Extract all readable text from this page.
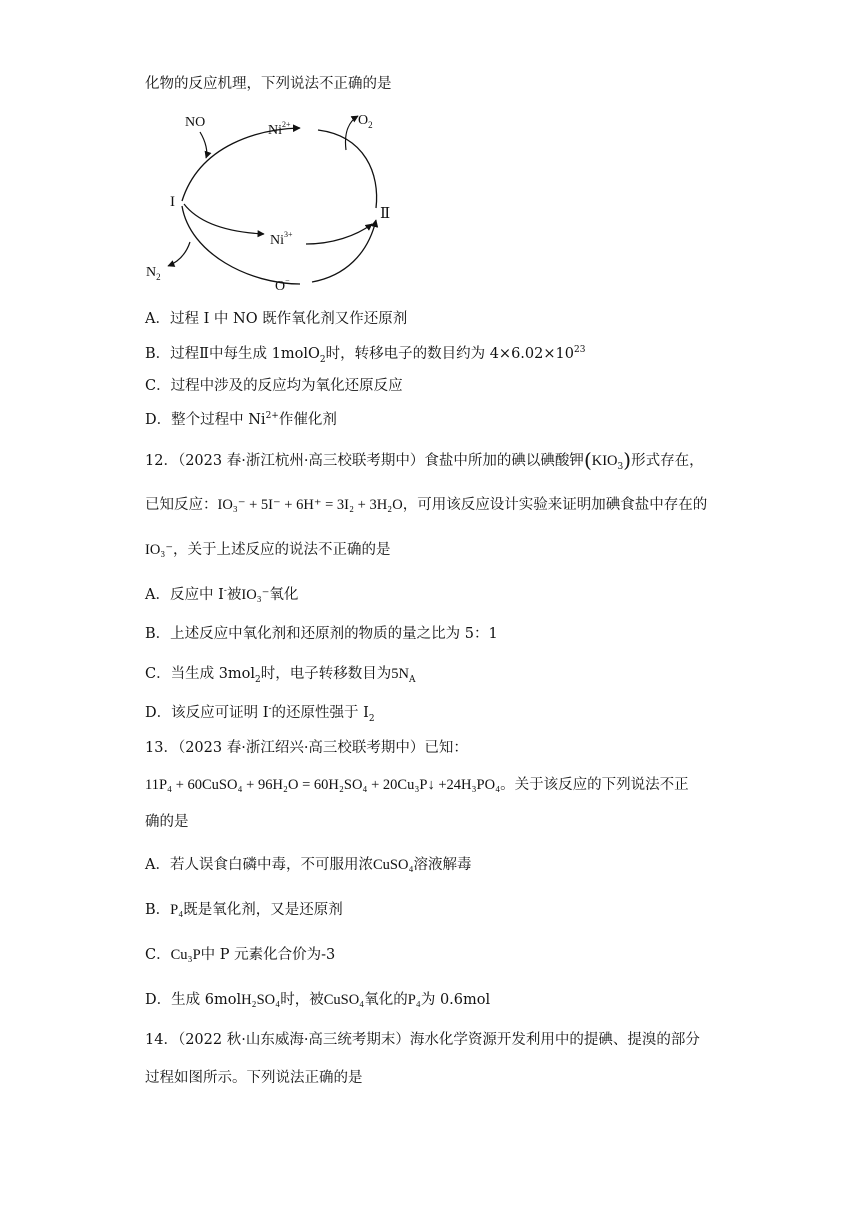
化物的反应机理，下列说法不正确的是
NO
$Ni^{2+}$	$O_2$
I
Ⅱ
$Ni^{3+}$
$N_2$
O−
A．过程 I 中 NO 既作氧化剂又作还原剂
B．过程Ⅱ中每生成 1molO$_2$时，转移电子的数目约为 $4\times 6.02\times 10^{23}$
C．过程中涉及的反应均为氧化还原反应
D．整个过程中 $Ni^{2+}$作催化剂
12．（2023 春·浙江杭州·高三校联考期中）食盐中所加的碘以碘酸钾$(KIO_3)$形式存在，
已知反应：IO₃⁻ + 5I⁻ + 6H⁺ = 3I₂ + 3H₂O，可用该反应设计实验来证明加碘食盐中存在的
IO₃⁻，关于上述反应的说法不正确的是
A．反应中 I-被IO₃⁻氧化
B．上述反应中氧化剂和还原剂的物质的量之比为 5：1
C．当生成 3mol$_2$时，电子转移数目为$5N_A$
D．该反应可证明 I-的还原性强于 $I_2$
13．（2023 春·浙江绍兴·高三校联考期中）已知：
11P₄ + 60CuSO₄ + 96H₂O = 60H₂SO₄ + 20Cu₃P↓ +24H₃PO₄。关于该反应的下列说法不正
确的是
A．若人误食白磷中毒，不可服用浓CuSO₄溶液解毒
B．P₄既是氧化剂，又是还原剂
C．Cu₃P中 P 元素化合价为-3
D．生成 6molH₂SO₄时，被CuSO₄氧化的P₄为 0.6mol
14．（2022 秋·山东威海·高三统考期末）海水化学资源开发利用中的提碘、提溴的部分
过程如图所示。下列说法正确的是
